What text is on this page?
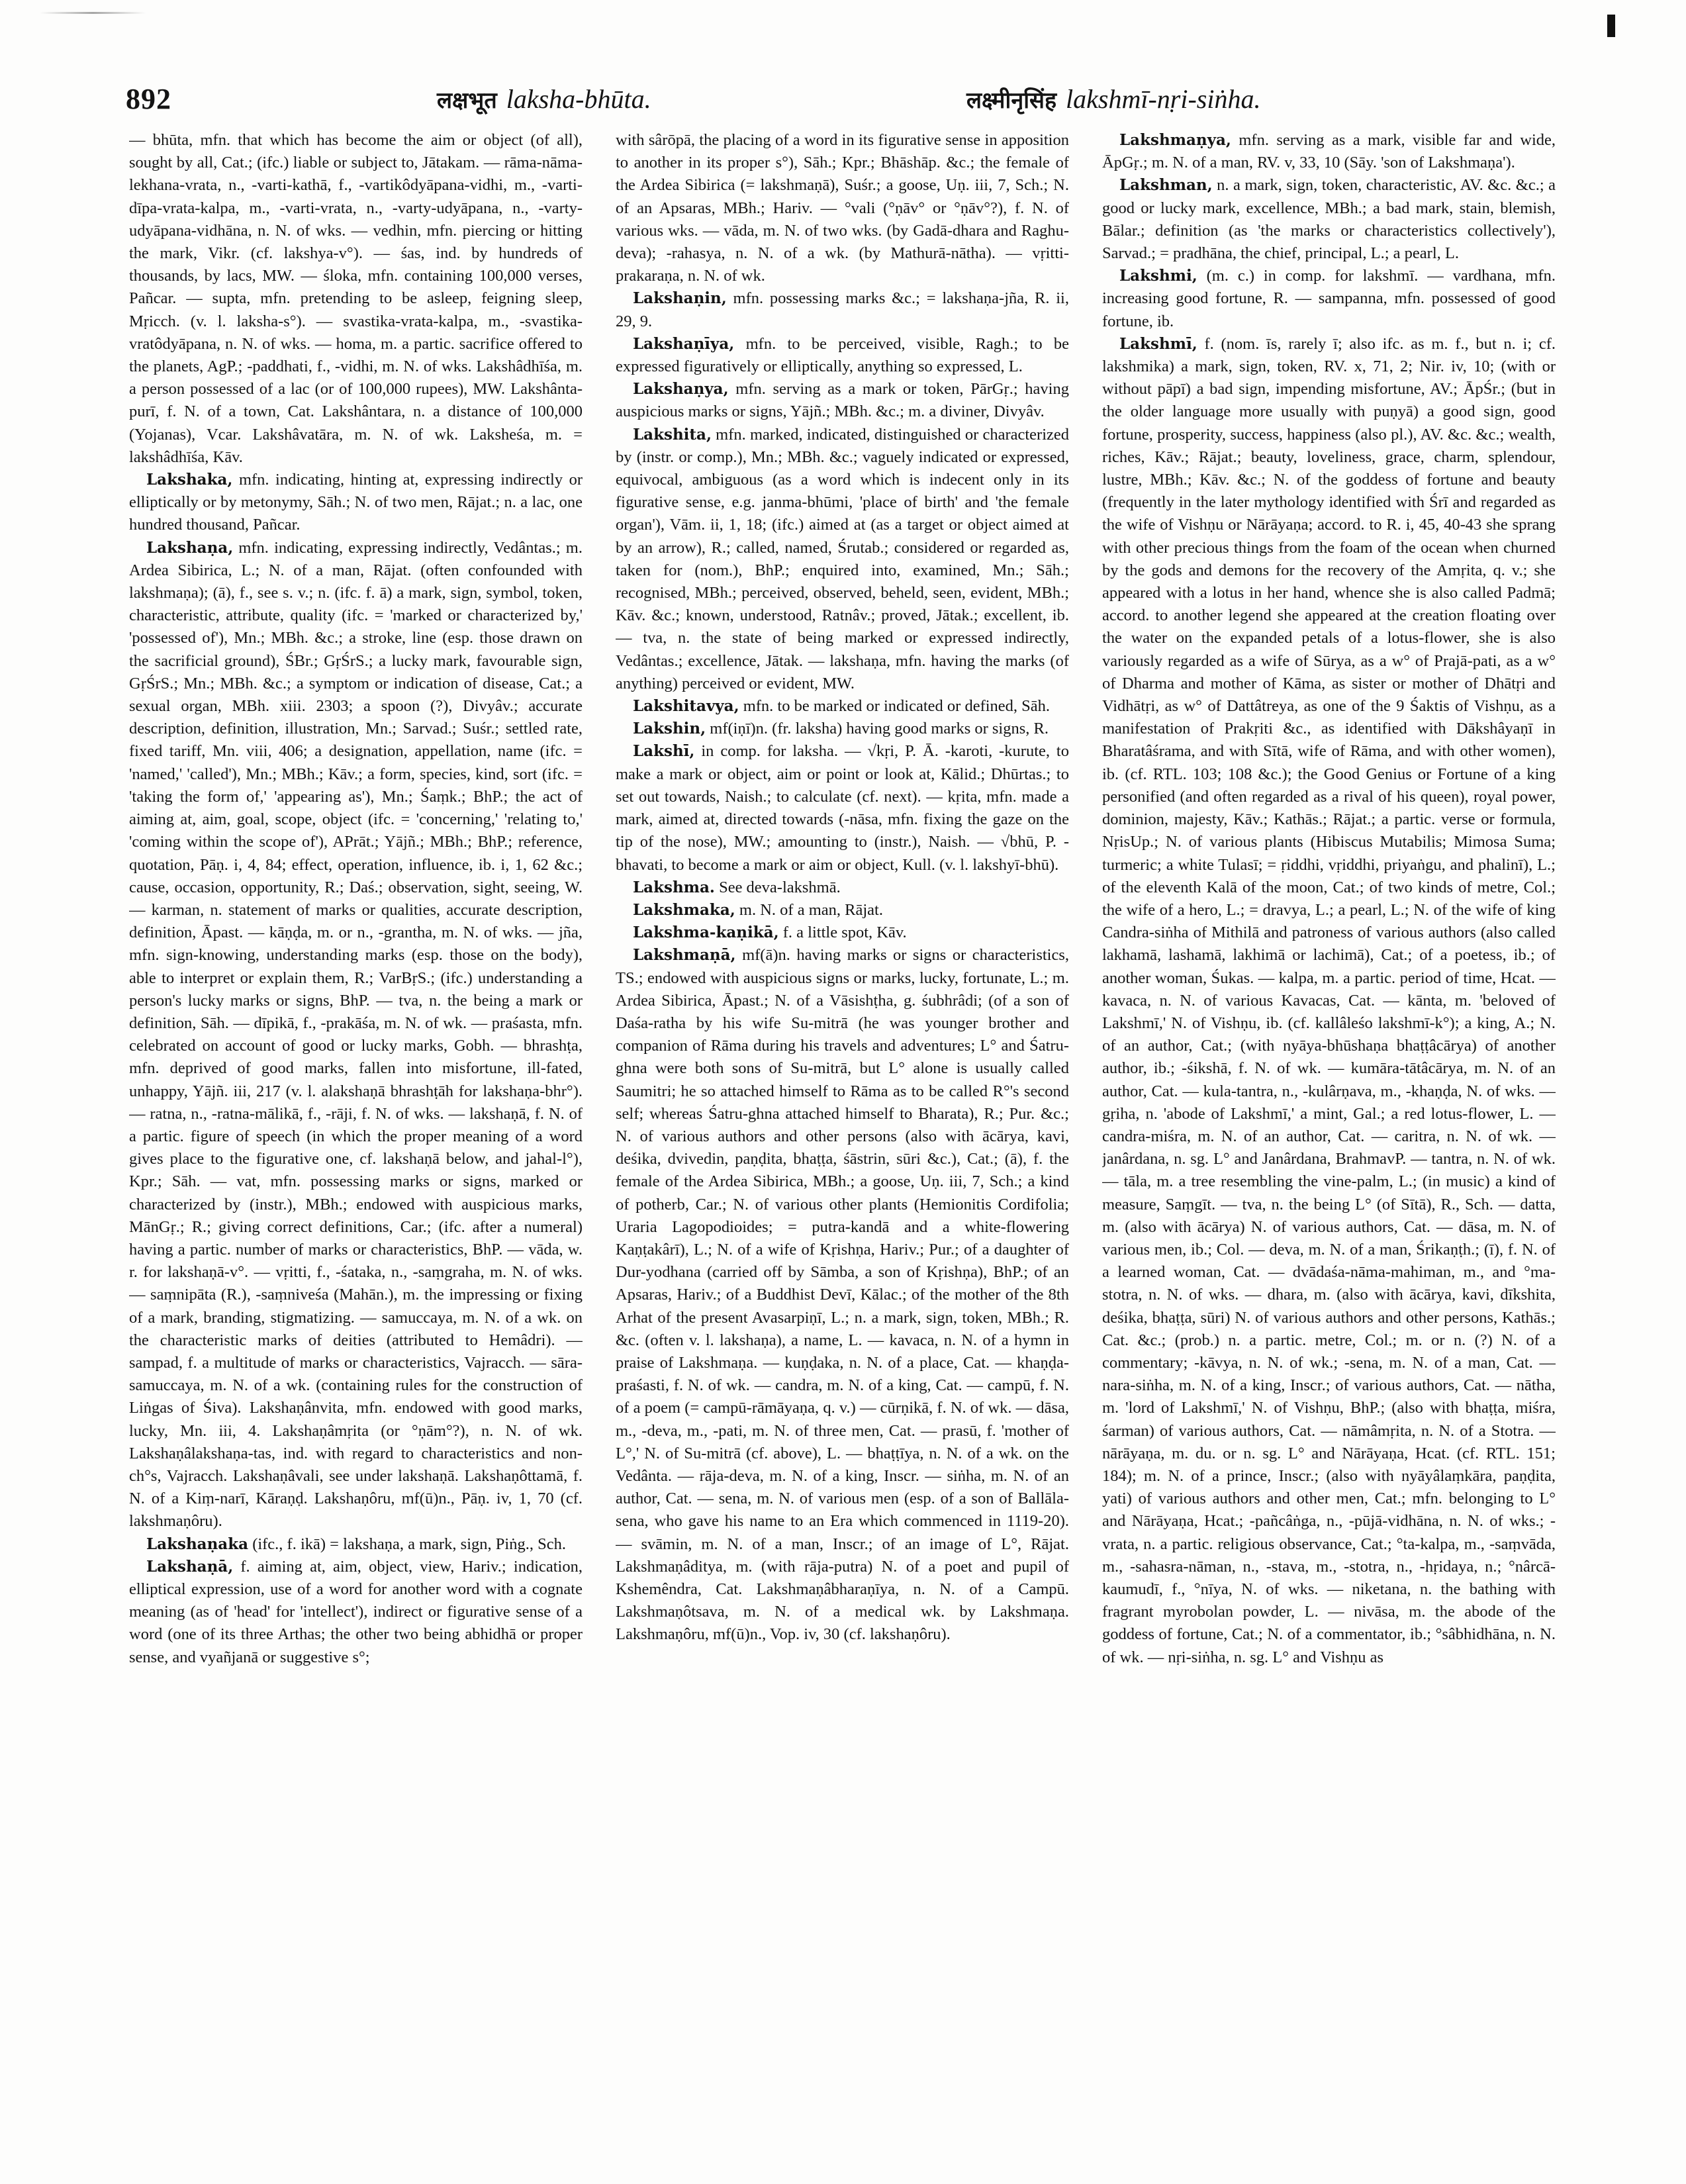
892	लक्षभूत laksha-bhūta.	लक्ष्मीनृसिंह lakshmī-nṛi-siṅha.

— bhūta, mfn. that which has become the aim or object (of all), sought by all, Cat.; (ifc.) liable or subject to, Jātakam. — rāma-nāma-lekhana-vrata, n., -varti-kathā, f., -vartikôdyāpana-vidhi, m., -varti-dīpa-vrata-kalpa, m., -varti-vrata, n., -varty-udyāpana, n., -varty-udyāpana-vidhāna, n. N. of wks. — vedhin, mfn. piercing or hitting the mark, Vikr. (cf. lakshya-v°). — śas, ind. by hundreds of thousands, by lacs, MW. — śloka, mfn. containing 100,000 verses, Pañcar. — supta, mfn. pretending to be asleep, feigning sleep, Mṛicch. (v. l. laksha-s°). — svastika-vrata-kalpa, m., -svastika-vratôdyāpana, n. N. of wks. — homa, m. a partic. sacrifice offered to the planets, AgP.; -paddhati, f., -vidhi, m. N. of wks. Lakshâdhīśa, m. a person possessed of a lac (or of 100,000 rupees), MW. Lakshânta-purī, f. N. of a town, Cat. Lakshântara, n. a distance of 100,000 (Yojanas), Vcar. Lakshâvatāra, m. N. of wk. Laksheśa, m. = lakshâdhīśa, Kāv.

Lakshaka, mfn. indicating, hinting at, expressing indirectly or elliptically or by metonymy, Sāh.; N. of two men, Rājat.; n. a lac, one hundred thousand, Pañcar.

Lakshaṇa, mfn. indicating, expressing indirectly, Vedântas.; m. Ardea Sibirica, L.; N. of a man, Rājat. (often confounded with lakshmaṇa); (ā), f., see s. v.; n. (ifc. f. ā) a mark, sign, symbol, token, characteristic, attribute, quality (ifc. = 'marked or characterized by,' 'possessed of'), Mn.; MBh. &c.; a stroke, line (esp. those drawn on the sacrificial ground), ŚBr.; GṛŚrS.; a lucky mark, favourable sign, GṛŚrS.; Mn.; MBh. &c.; a symptom or indication of disease, Cat.; a sexual organ, MBh. xiii. 2303; a spoon (?), Divyâv.; accurate description, definition, illustration, Mn.; Sarvad.; Suśr.; settled rate, fixed tariff, Mn. viii, 406; a designation, appellation, name (ifc. = 'named,' 'called'), Mn.; MBh.; Kāv.; a form, species, kind, sort (ifc. = 'taking the form of,' 'appearing as'), Mn.; Śaṃk.; BhP.; the act of aiming at, aim, goal, scope, object (ifc. = 'concerning,' 'relating to,' 'coming within the scope of'), APrāt.; Yājñ.; MBh.; BhP.; reference, quotation, Pāṇ. i, 4, 84; effect, operation, influence, ib. i, 1, 62 &c.; cause, occasion, opportunity, R.; Daś.; observation, sight, seeing, W. — karman, n. statement of marks or qualities, accurate description, definition, Āpast. — kāṇḍa, m. or n., -grantha, m. N. of wks. — jña, mfn. sign-knowing, understanding marks (esp. those on the body), able to interpret or explain them, R.; VarBṛS.; (ifc.) understanding a person's lucky marks or signs, BhP. — tva, n. the being a mark or definition, Sāh. — dīpikā, f., -prakāśa, m. N. of wk. — praśasta, mfn. celebrated on account of good or lucky marks, Gobh. — bhrashṭa, mfn. deprived of good marks, fallen into misfortune, ill-fated, unhappy, Yājñ. iii, 217 (v. l. alakshaṇā bhrashṭāh for lakshaṇa-bhr°). — ratna, n., -ratna-mālikā, f., -rāji, f. N. of wks. — lakshaṇā, f. N. of a partic. figure of speech (in which the proper meaning of a word gives place to the figurative one, cf. lakshaṇā below, and jahal-l°), Kpr.; Sāh. — vat, mfn. possessing marks or signs, marked or characterized by (instr.), MBh.; endowed with auspicious marks, MānGṛ.; R.; giving correct definitions, Car.; (ifc. after a numeral) having a partic. number of marks or characteristics, BhP. — vāda, w. r. for lakshaṇā-v°. — vṛitti, f., -śataka, n., -saṃgraha, m. N. of wks. — saṃnipāta (R.), -saṃniveśa (Mahān.), m. the impressing or fixing of a mark, branding, stigmatizing. — samuccaya, m. N. of a wk. on the characteristic marks of deities (attributed to Hemâdri). — sampad, f. a multitude of marks or characteristics, Vajracch. — sāra-samuccaya, m. N. of a wk. (containing rules for the construction of Liṅgas of Śiva). Lakshaṇânvita, mfn. endowed with good marks, lucky, Mn. iii, 4. Lakshaṇâmṛita (or °ṇām°?), n. N. of wk. Lakshaṇâlakshaṇa-tas, ind. with regard to characteristics and non-ch°s, Vajracch. Lakshaṇâvali, see under lakshaṇā. Lakshaṇôttamā, f. N. of a Kiṃ-narī, Kāraṇḍ. Lakshaṇôru, mf(ū)n., Pāṇ. iv, 1, 70 (cf. lakshmaṇôru).

Lakshaṇaka (ifc., f. ikā) = lakshaṇa, a mark, sign, Piṅg., Sch.

Lakshaṇā, f. aiming at, aim, object, view, Hariv.; indication, elliptical expression, use of a word for another word with a cognate meaning (as of 'head' for 'intellect'), indirect or figurative sense of a word (one of its three Arthas; the other two being abhidhā or proper sense, and vyañjanā or suggestive s°;

with sârōpā, the placing of a word in its figurative sense in apposition to another in its proper s°), Sāh.; Kpr.; Bhāshāp. &c.; the female of the Ardea Sibirica (= lakshmaṇā), Suśr.; a goose, Uṇ. iii, 7, Sch.; N. of an Apsaras, MBh.; Hariv. — °vali (°ṇāv° or °ṇāv°?), f. N. of various wks. — vāda, m. N. of two wks. (by Gadā-dhara and Raghu-deva); -rahasya, n. N. of a wk. (by Mathurā-nātha). — vṛitti-prakaraṇa, n. N. of wk.

Lakshaṇin, mfn. possessing marks &c.; = lakshaṇa-jña, R. ii, 29, 9.

Lakshaṇīya, mfn. to be perceived, visible, Ragh.; to be expressed figuratively or elliptically, anything so expressed, L.

Lakshaṇya, mfn. serving as a mark or token, PārGṛ.; having auspicious marks or signs, Yājñ.; MBh. &c.; m. a diviner, Divyâv.

Lakshita, mfn. marked, indicated, distinguished or characterized by (instr. or comp.), Mn.; MBh. &c.; vaguely indicated or expressed, equivocal, ambiguous (as a word which is indecent only in its figurative sense, e.g. janma-bhūmi, 'place of birth' and 'the female organ'), Vām. ii, 1, 18; (ifc.) aimed at (as a target or object aimed at by an arrow), R.; called, named, Śrutab.; considered or regarded as, taken for (nom.), BhP.; enquired into, examined, Mn.; Sāh.; recognised, MBh.; perceived, observed, beheld, seen, evident, MBh.; Kāv. &c.; known, understood, Ratnâv.; proved, Jātak.; excellent, ib. — tva, n. the state of being marked or expressed indirectly, Vedântas.; excellence, Jātak. — lakshaṇa, mfn. having the marks (of anything) perceived or evident, MW.

Lakshitavya, mfn. to be marked or indicated or defined, Sāh.

Lakshin, mf(iṇī)n. (fr. laksha) having good marks or signs, R.

Lakshī, in comp. for laksha. — √kṛi, P. Ā. -karoti, -kurute, to make a mark or object, aim or point or look at, Kālid.; Dhūrtas.; to set out towards, Naish.; to calculate (cf. next). — kṛita, mfn. made a mark, aimed at, directed towards (-nāsa, mfn. fixing the gaze on the tip of the nose), MW.; amounting to (instr.), Naish. — √bhū, P. -bhavati, to become a mark or aim or object, Kull. (v. l. lakshyī-bhū).

Lakshma. See deva-lakshmā.

Lakshmaka, m. N. of a man, Rājat.

Lakshma-kaṇikā, f. a little spot, Kāv.

Lakshmaṇā, mf(ā)n. having marks or signs or characteristics, TS.; endowed with auspicious signs or marks, lucky, fortunate, L.; m. Ardea Sibirica, Āpast.; N. of a Vāsishṭha, g. śubhrâdi; (of a son of Daśa-ratha by his wife Su-mitrā (he was younger brother and companion of Rāma during his travels and adventures; L° and Śatru-ghna were both sons of Su-mitrā, but L° alone is usually called Saumitri; he so attached himself to Rāma as to be called R°'s second self; whereas Śatru-ghna attached himself to Bharata), R.; Pur. &c.; N. of various authors and other persons (also with ācārya, kavi, deśika, dvivedin, paṇḍita, bhaṭṭa, śāstrin, sūri &c.), Cat.; (ā), f. the female of the Ardea Sibirica, MBh.; a goose, Uṇ. iii, 7, Sch.; a kind of potherb, Car.; N. of various other plants (Hemionitis Cordifolia; Uraria Lagopodioides; = putra-kandā and a white-flowering Kaṇṭakârī), L.; N. of a wife of Kṛishṇa, Hariv.; Pur.; of a daughter of Dur-yodhana (carried off by Sāmba, a son of Kṛishṇa), BhP.; of an Apsaras, Hariv.; of a Buddhist Devī, Kālac.; of the mother of the 8th Arhat of the present Avasarpiṇī, L.; n. a mark, sign, token, MBh.; R. &c. (often v. l. lakshaṇa), a name, L. — kavaca, n. N. of a hymn in praise of Lakshmaṇa. — kuṇḍaka, n. N. of a place, Cat. — khaṇḍa-praśasti, f. N. of wk. — candra, m. N. of a king, Cat. — campū, f. N. of a poem (= campū-rāmāyaṇa, q. v.) — cūrṇikā, f. N. of wk. — dāsa, m., -deva, m., -pati, m. N. of three men, Cat. — prasū, f. 'mother of L°,' N. of Su-mitrā (cf. above), L. — bhaṭṭīya, n. N. of a wk. on the Vedânta. — rāja-deva, m. N. of a king, Inscr. — siṅha, m. N. of an author, Cat. — sena, m. N. of various men (esp. of a son of Ballāla-sena, who gave his name to an Era which commenced in 1119-20). — svāmin, m. N. of a man, Inscr.; of an image of L°, Rājat. Lakshmaṇâditya, m. (with rāja-putra) N. of a poet and pupil of Kshemêndra, Cat. Lakshmaṇâbharaṇīya, n. N. of a Campū. Lakshmaṇôtsava, m. N. of a medical wk. by Lakshmaṇa. Lakshmaṇôru, mf(ū)n., Vop. iv, 30 (cf. lakshaṇôru).

Lakshmaṇya, mfn. serving as a mark, visible far and wide, ĀpGṛ.; m. N. of a man, RV. v, 33, 10 (Sāy. 'son of Lakshmaṇa').

Lakshman, n. a mark, sign, token, characteristic, AV. &c. &c.; a good or lucky mark, excellence, MBh.; a bad mark, stain, blemish, Bālar.; definition (as 'the marks or characteristics collectively'), Sarvad.; = pradhāna, the chief, principal, L.; a pearl, L.

Lakshmi, (m. c.) in comp. for lakshmī. — vardhana, mfn. increasing good fortune, R. — sampanna, mfn. possessed of good fortune, ib.

Lakshmī, f. (nom. īs, rarely ī; also ifc. as m. f., but n. i; cf. lakshmika) a mark, sign, token, RV. x, 71, 2; Nir. iv, 10; (with or without pāpī) a bad sign, impending misfortune, AV.; ĀpŚr.; (but in the older language more usually with puṇyā) a good sign, good fortune, prosperity, success, happiness (also pl.), AV. &c. &c.; wealth, riches, Kāv.; Rājat.; beauty, loveliness, grace, charm, splendour, lustre, MBh.; Kāv. &c.; N. of the goddess of fortune and beauty (frequently in the later mythology identified with Śrī and regarded as the wife of Vishṇu or Nārāyaṇa; accord. to R. i, 45, 40-43 she sprang with other precious things from the foam of the ocean when churned by the gods and demons for the recovery of the Amṛita, q. v.; she appeared with a lotus in her hand, whence she is also called Padmā; accord. to another legend she appeared at the creation floating over the water on the expanded petals of a lotus-flower, she is also variously regarded as a wife of Sūrya, as a w° of Prajā-pati, as a w° of Dharma and mother of Kāma, as sister or mother of Dhātṛi and Vidhātṛi, as w° of Dattâtreya, as one of the 9 Śaktis of Vishṇu, as a manifestation of Prakṛiti &c., as identified with Dākshâyaṇī in Bharatâśrama, and with Sītā, wife of Rāma, and with other women), ib. (cf. RTL. 103; 108 &c.); the Good Genius or Fortune of a king personified (and often regarded as a rival of his queen), royal power, dominion, majesty, Kāv.; Kathās.; Rājat.; a partic. verse or formula, NṛisUp.; N. of various plants (Hibiscus Mutabilis; Mimosa Suma; turmeric; a white Tulasī; = ṛiddhi, vṛiddhi, priyaṅgu, and phalinī), L.; of the eleventh Kalā of the moon, Cat.; of two kinds of metre, Col.; the wife of a hero, L.; = dravya, L.; a pearl, L.; N. of the wife of king Candra-siṅha of Mithilā and patroness of various authors (also called lakhamā, lashamā, lakhimā or lachimā), Cat.; of a poetess, ib.; of another woman, Śukas. — kalpa, m. a partic. period of time, Hcat. — kavaca, n. N. of various Kavacas, Cat. — kānta, m. 'beloved of Lakshmī,' N. of Vishṇu, ib. (cf. kallâleśo lakshmī-k°); a king, A.; N. of an author, Cat.; (with nyāya-bhūshaṇa bhaṭṭâcārya) of another author, ib.; -śikshā, f. N. of wk. — kumāra-tātâcārya, m. N. of an author, Cat. — kula-tantra, n., -kulârṇava, m., -khaṇḍa, N. of wks. — gṛiha, n. 'abode of Lakshmī,' a mint, Gal.; a red lotus-flower, L. — candra-miśra, m. N. of an author, Cat. — caritra, n. N. of wk. — janârdana, n. sg. L° and Janârdana, BrahmavP. — tantra, n. N. of wk. — tāla, m. a tree resembling the vine-palm, L.; (in music) a kind of measure, Saṃgīt. — tva, n. the being L° (of Sītā), R., Sch. — datta, m. (also with ācārya) N. of various authors, Cat. — dāsa, m. N. of various men, ib.; Col. — deva, m. N. of a man, Śrikaṇṭh.; (ī), f. N. of a learned woman, Cat. — dvādaśa-nāma-mahiman, m., and °ma-stotra, n. N. of wks. — dhara, m. (also with ācārya, kavi, dīkshita, deśika, bhaṭṭa, sūri) N. of various authors and other persons, Kathās.; Cat. &c.; (prob.) n. a partic. metre, Col.; m. or n. (?) N. of a commentary; -kāvya, n. N. of wk.; -sena, m. N. of a man, Cat. — nara-siṅha, m. N. of a king, Inscr.; of various authors, Cat. — nātha, m. 'lord of Lakshmī,' N. of Vishṇu, BhP.; (also with bhaṭṭa, miśra, śarman) of various authors, Cat. — nāmâmṛita, n. N. of a Stotra. — nārāyaṇa, m. du. or n. sg. L° and Nārāyaṇa, Hcat. (cf. RTL. 151; 184); m. N. of a prince, Inscr.; (also with nyāyâlaṃkāra, paṇḍita, yati) of various authors and other men, Cat.; mfn. belonging to L° and Nārāyaṇa, Hcat.; -pañcâṅga, n., -pūjā-vidhāna, n. N. of wks.; -vrata, n. a partic. religious observance, Cat.; °ta-kalpa, m., -saṃvāda, m., -sahasra-nāman, n., -stava, m., -stotra, n., -hṛidaya, n.; °nârcā-kaumudī, f., °nīya, N. of wks. — niketana, n. the bathing with fragrant myrobolan powder, L. — nivāsa, m. the abode of the goddess of fortune, Cat.; N. of a commentator, ib.; °sâbhidhāna, n. N. of wk. — nṛi-siṅha, n. sg. L° and Vishṇu as
